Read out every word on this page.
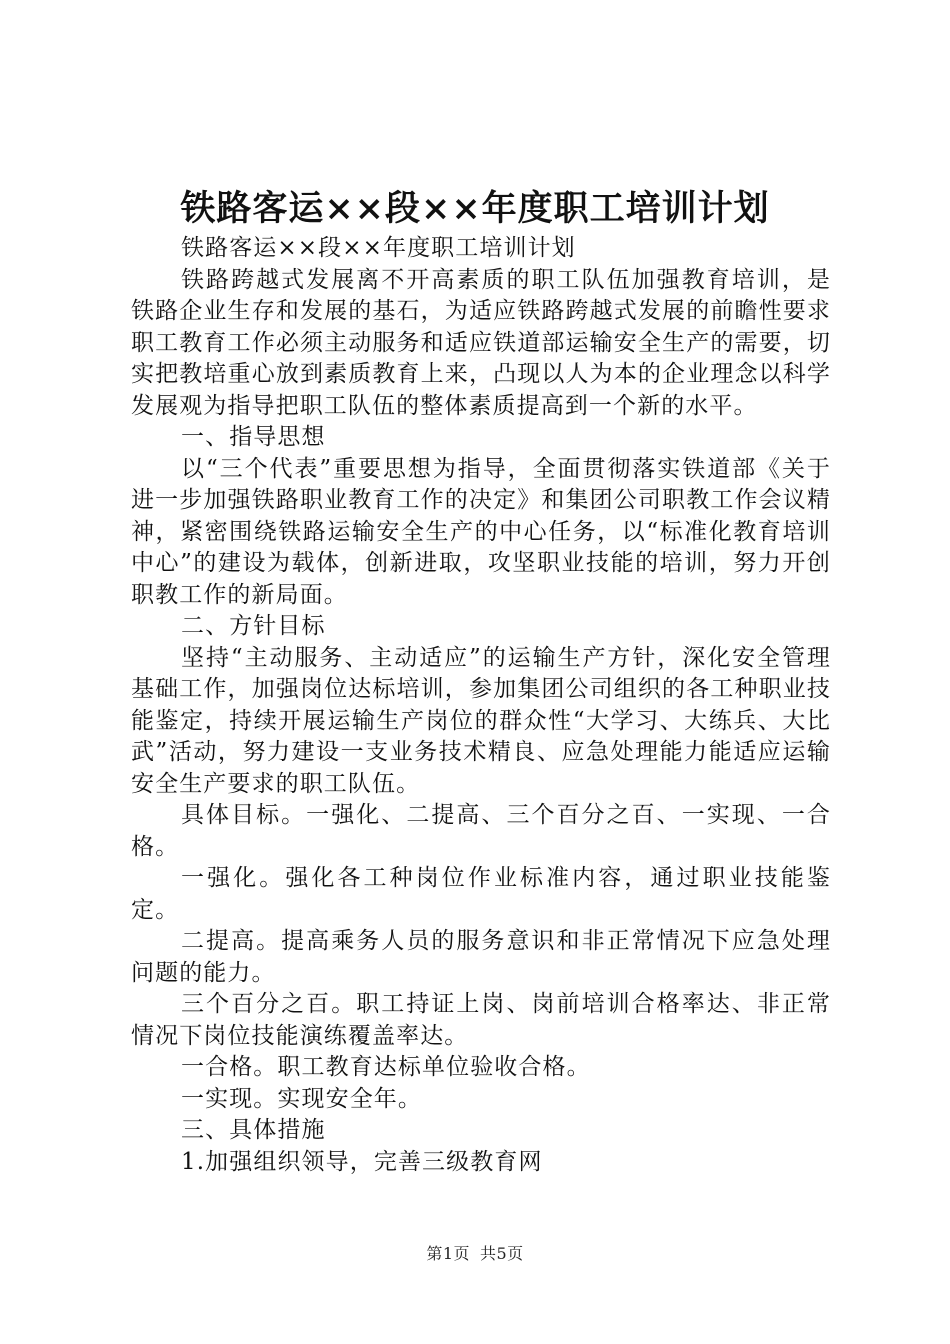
铁路客运××段××年度职工培训计划

铁路客运××段××年度职工培训计划

铁路跨越式发展离不开高素质的职工队伍加强教育培训，是铁路企业生存和发展的基石，为适应铁路跨越式发展的前瞻性要求职工教育工作必须主动服务和适应铁道部运输安全生产的需要，切实把教培重心放到素质教育上来，凸现以人为本的企业理念以科学发展观为指导把职工队伍的整体素质提高到一个新的水平。

一、指导思想

以“三个代表”重要思想为指导，全面贯彻落实铁道部《关于进一步加强铁路职业教育工作的决定》和集团公司职教工作会议精神，紧密围绕铁路运输安全生产的中心任务，以“标准化教育培训中心”的建设为载体，创新进取，攻坚职业技能的培训，努力开创职教工作的新局面。

二、方针目标

坚持“主动服务、主动适应”的运输生产方针，深化安全管理基础工作，加强岗位达标培训，参加集团公司组织的各工种职业技能鉴定，持续开展运输生产岗位的群众性“大学习、大练兵、大比武”活动，努力建设一支业务技术精良、应急处理能力能适应运输安全生产要求的职工队伍。

具体目标。一强化、二提高、三个百分之百、一实现、一合格。

一强化。强化各工种岗位作业标准内容，通过职业技能鉴定。

二提高。提高乘务人员的服务意识和非正常情况下应急处理问题的能力。

三个百分之百。职工持证上岗、岗前培训合格率达、非正常情况下岗位技能演练覆盖率达。

一合格。职工教育达标单位验收合格。

一实现。实现安全年。

三、具体措施

1.加强组织领导，完善三级教育网

第1页 共5页
